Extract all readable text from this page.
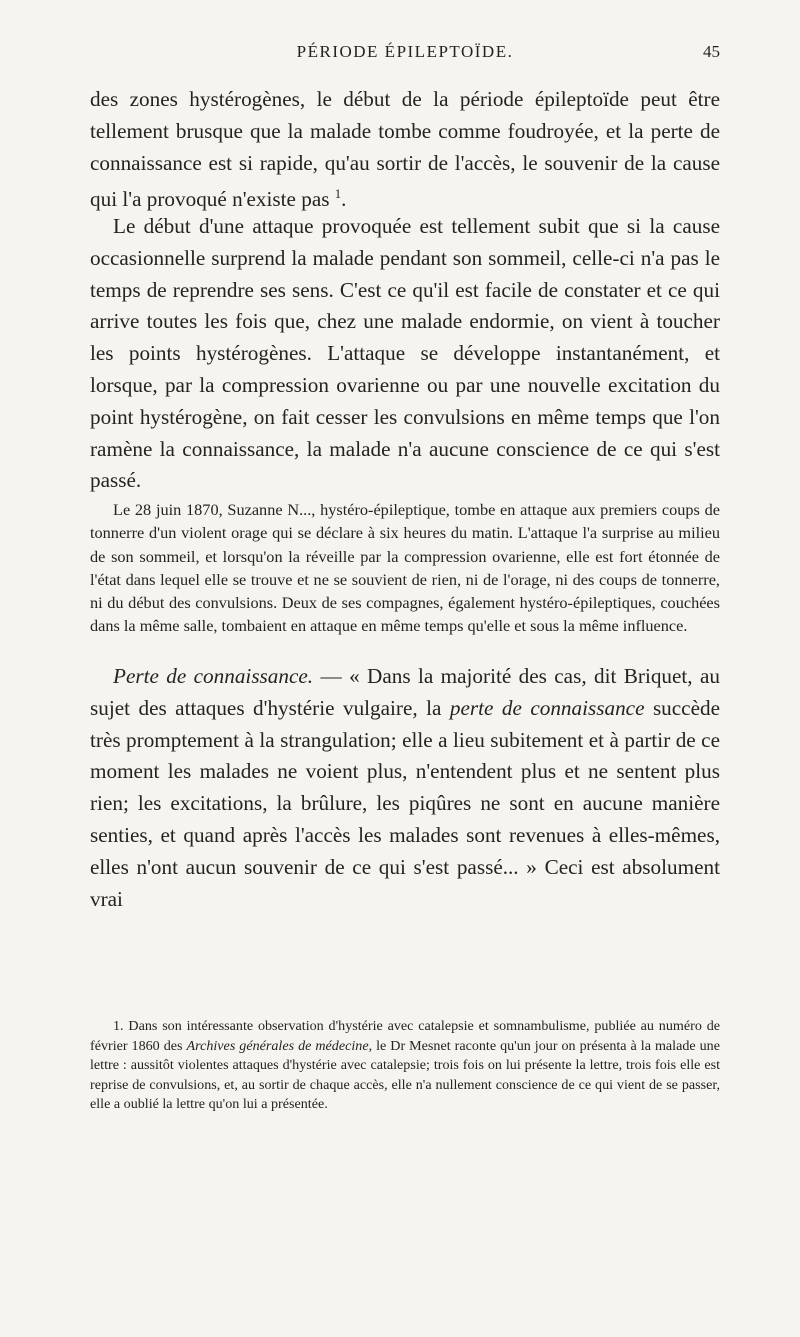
PÉRIODE ÉPILEPTOÏDE.	45

des zones hystérogènes, le début de la période épileptoïde peut être tellement brusque que la malade tombe comme foudroyée, et la perte de connaissance est si rapide, qu'au sortir de l'accès, le souvenir de la cause qui l'a provoqué n'existe pas $^1$.

Le début d'une attaque provoquée est tellement subit que si la cause occasionnelle surprend la malade pendant son sommeil, celle-ci n'a pas le temps de reprendre ses sens. C'est ce qu'il est facile de constater et ce qui arrive toutes les fois que, chez une malade endormie, on vient à toucher les points hystérogènes. L'attaque se développe instantanément, et lorsque, par la compression ovarienne ou par une nouvelle excitation du point hystérogène, on fait cesser les convulsions en même temps que l'on ramène la connaissance, la malade n'a aucune conscience de ce qui s'est passé.

Le 28 juin 1870, Suzanne N..., hystéro-épileptique, tombe en attaque aux premiers coups de tonnerre d'un violent orage qui se déclare à six heures du matin. L'attaque l'a surprise au milieu de son sommeil, et lorsqu'on la réveille par la compression ovarienne, elle est fort étonnée de l'état dans lequel elle se trouve et ne se souvient de rien, ni de l'orage, ni des coups de tonnerre, ni du début des convulsions. Deux de ses compagnes, également hystéro-épileptiques, couchées dans la même salle, tombaient en attaque en même temps qu'elle et sous la même influence.

Perte de connaissance. — « Dans la majorité des cas, dit Briquet, au sujet des attaques d'hystérie vulgaire, la perte de connaissance succède très promptement à la strangulation; elle a lieu subitement et à partir de ce moment les malades ne voient plus, n'entendent plus et ne sentent plus rien; les excitations, la brûlure, les piqûres ne sont en aucune manière senties, et quand après l'accès les malades sont revenues à elles-mêmes, elles n'ont aucun souvenir de ce qui s'est passé... » Ceci est absolument vrai

1. Dans son intéressante observation d'hystérie avec catalepsie et somnambulisme, publiée au numéro de février 1860 des Archives générales de médecine, le Dr Mesnet raconte qu'un jour on présenta à la malade une lettre : aussitôt violentes attaques d'hystérie avec catalepsie; trois fois on lui présente la lettre, trois fois elle est reprise de convulsions, et, au sortir de chaque accès, elle n'a nullement conscience de ce qui vient de se passer, elle a oublié la lettre qu'on lui a présentée.
